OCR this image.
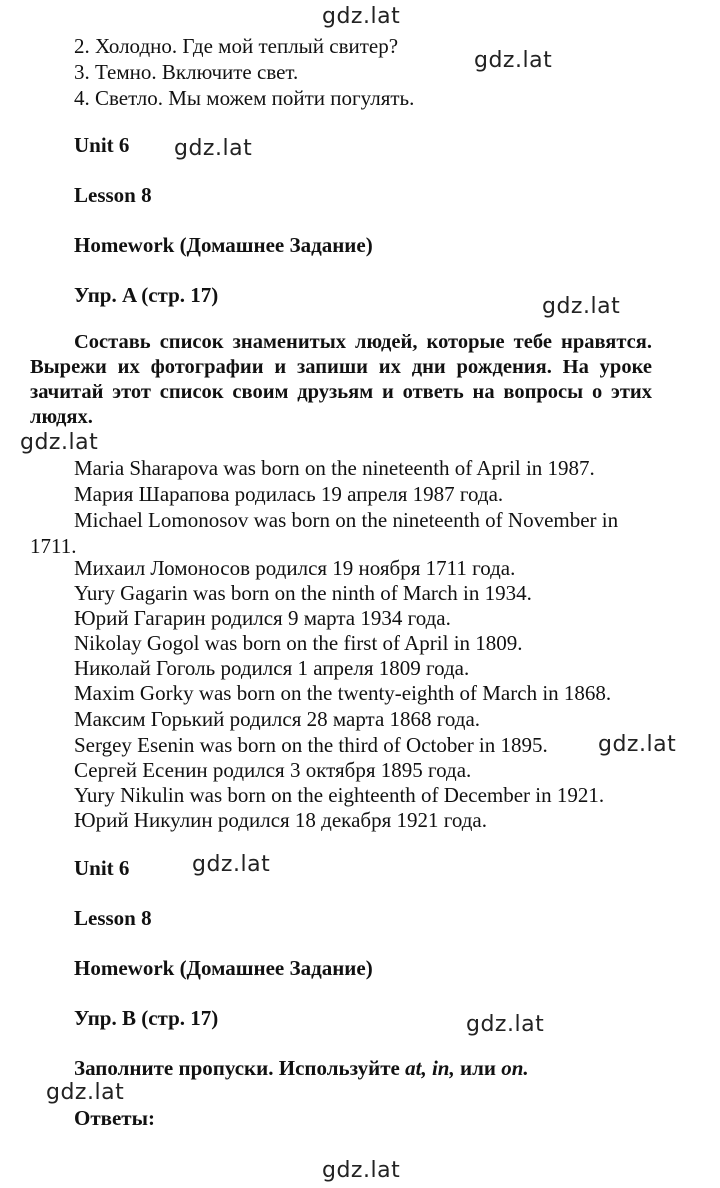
gdz.lat
gdz.lat
gdz.lat
gdz.lat
gdz.lat
gdz.lat
gdz.lat
gdz.lat
gdz.lat
gdz.lat
2. Холодно. Где мой теплый свитер?
3. Темно. Включите свет.
4. Светло. Мы можем пойти погулять.
Unit 6
Lesson 8
Homework (Домашнее Задание)
Упр. A (стр. 17)
Составь список знаменитых людей, которые тебе нравятся. Вырежи их фотографии и запиши их дни рождения. На уроке зачитай этот список своим друзьям и ответь на вопросы о этих людях.
Maria Sharapova was born on the nineteenth of April in 1987.
Мария Шарапова родилась 19 апреля 1987 года.
Michael Lomonosov was born on the nineteenth of November in 1711.
Михаил Ломоносов родился 19 ноября 1711 года.
Yury Gagarin was born on the ninth of March in 1934.
Юрий Гагарин родился 9 марта 1934 года.
Nikolay Gogol was born on the first of April in 1809.
Николай Гоголь родился 1 апреля 1809 года.
Maxim Gorky was born on the twenty-eighth of March in 1868.
Максим Горький родился 28 марта 1868 года.
Sergey Esenin was born on the third of October in 1895.
Сергей Есенин родился 3 октября 1895 года.
Yury Nikulin was born on the eighteenth of December in 1921.
Юрий Никулин родился 18 декабря 1921 года.
Unit 6
Lesson 8
Homework (Домашнее Задание)
Упр. B (стр. 17)
Заполните пропуски. Используйте at, in, или on.
Ответы:
